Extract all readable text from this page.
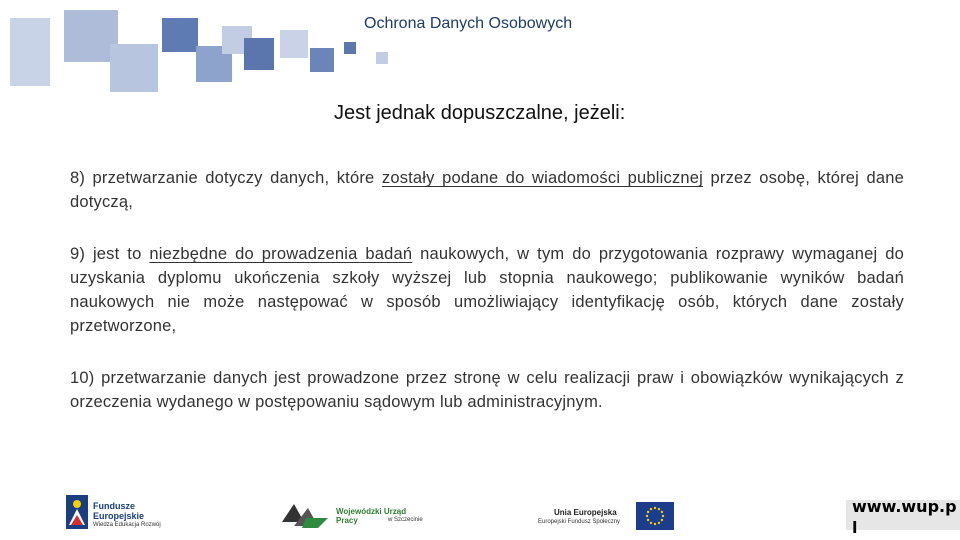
Ochrona Danych Osobowych
Jest jednak dopuszczalne, jeżeli:
8) przetwarzanie dotyczy danych, które zostały podane do wiadomości publicznej przez osobę, której dane dotyczą,
9) jest to niezbędne do prowadzenia badań naukowych, w tym do przygotowania rozprawy wymaganej do uzyskania dyplomu ukończenia szkoły wyższej lub stopnia naukowego; publikowanie wyników badań naukowych nie może następować w sposób umożliwiający identyfikację osób, których dane zostały przetworzone,
10) przetwarzanie danych jest prowadzone przez stronę w celu realizacji praw i obowiązków wynikających z orzeczenia wydanego w postępowaniu sądowym lub administracyjnym.
Fundusze
Europejskie
Wiedza Edukacja Rozwój
Wojewódzki Urząd Pracy	w Szczecinie
Unia Europejska
Europejski Fundusz Społeczny
www.wup.pl
